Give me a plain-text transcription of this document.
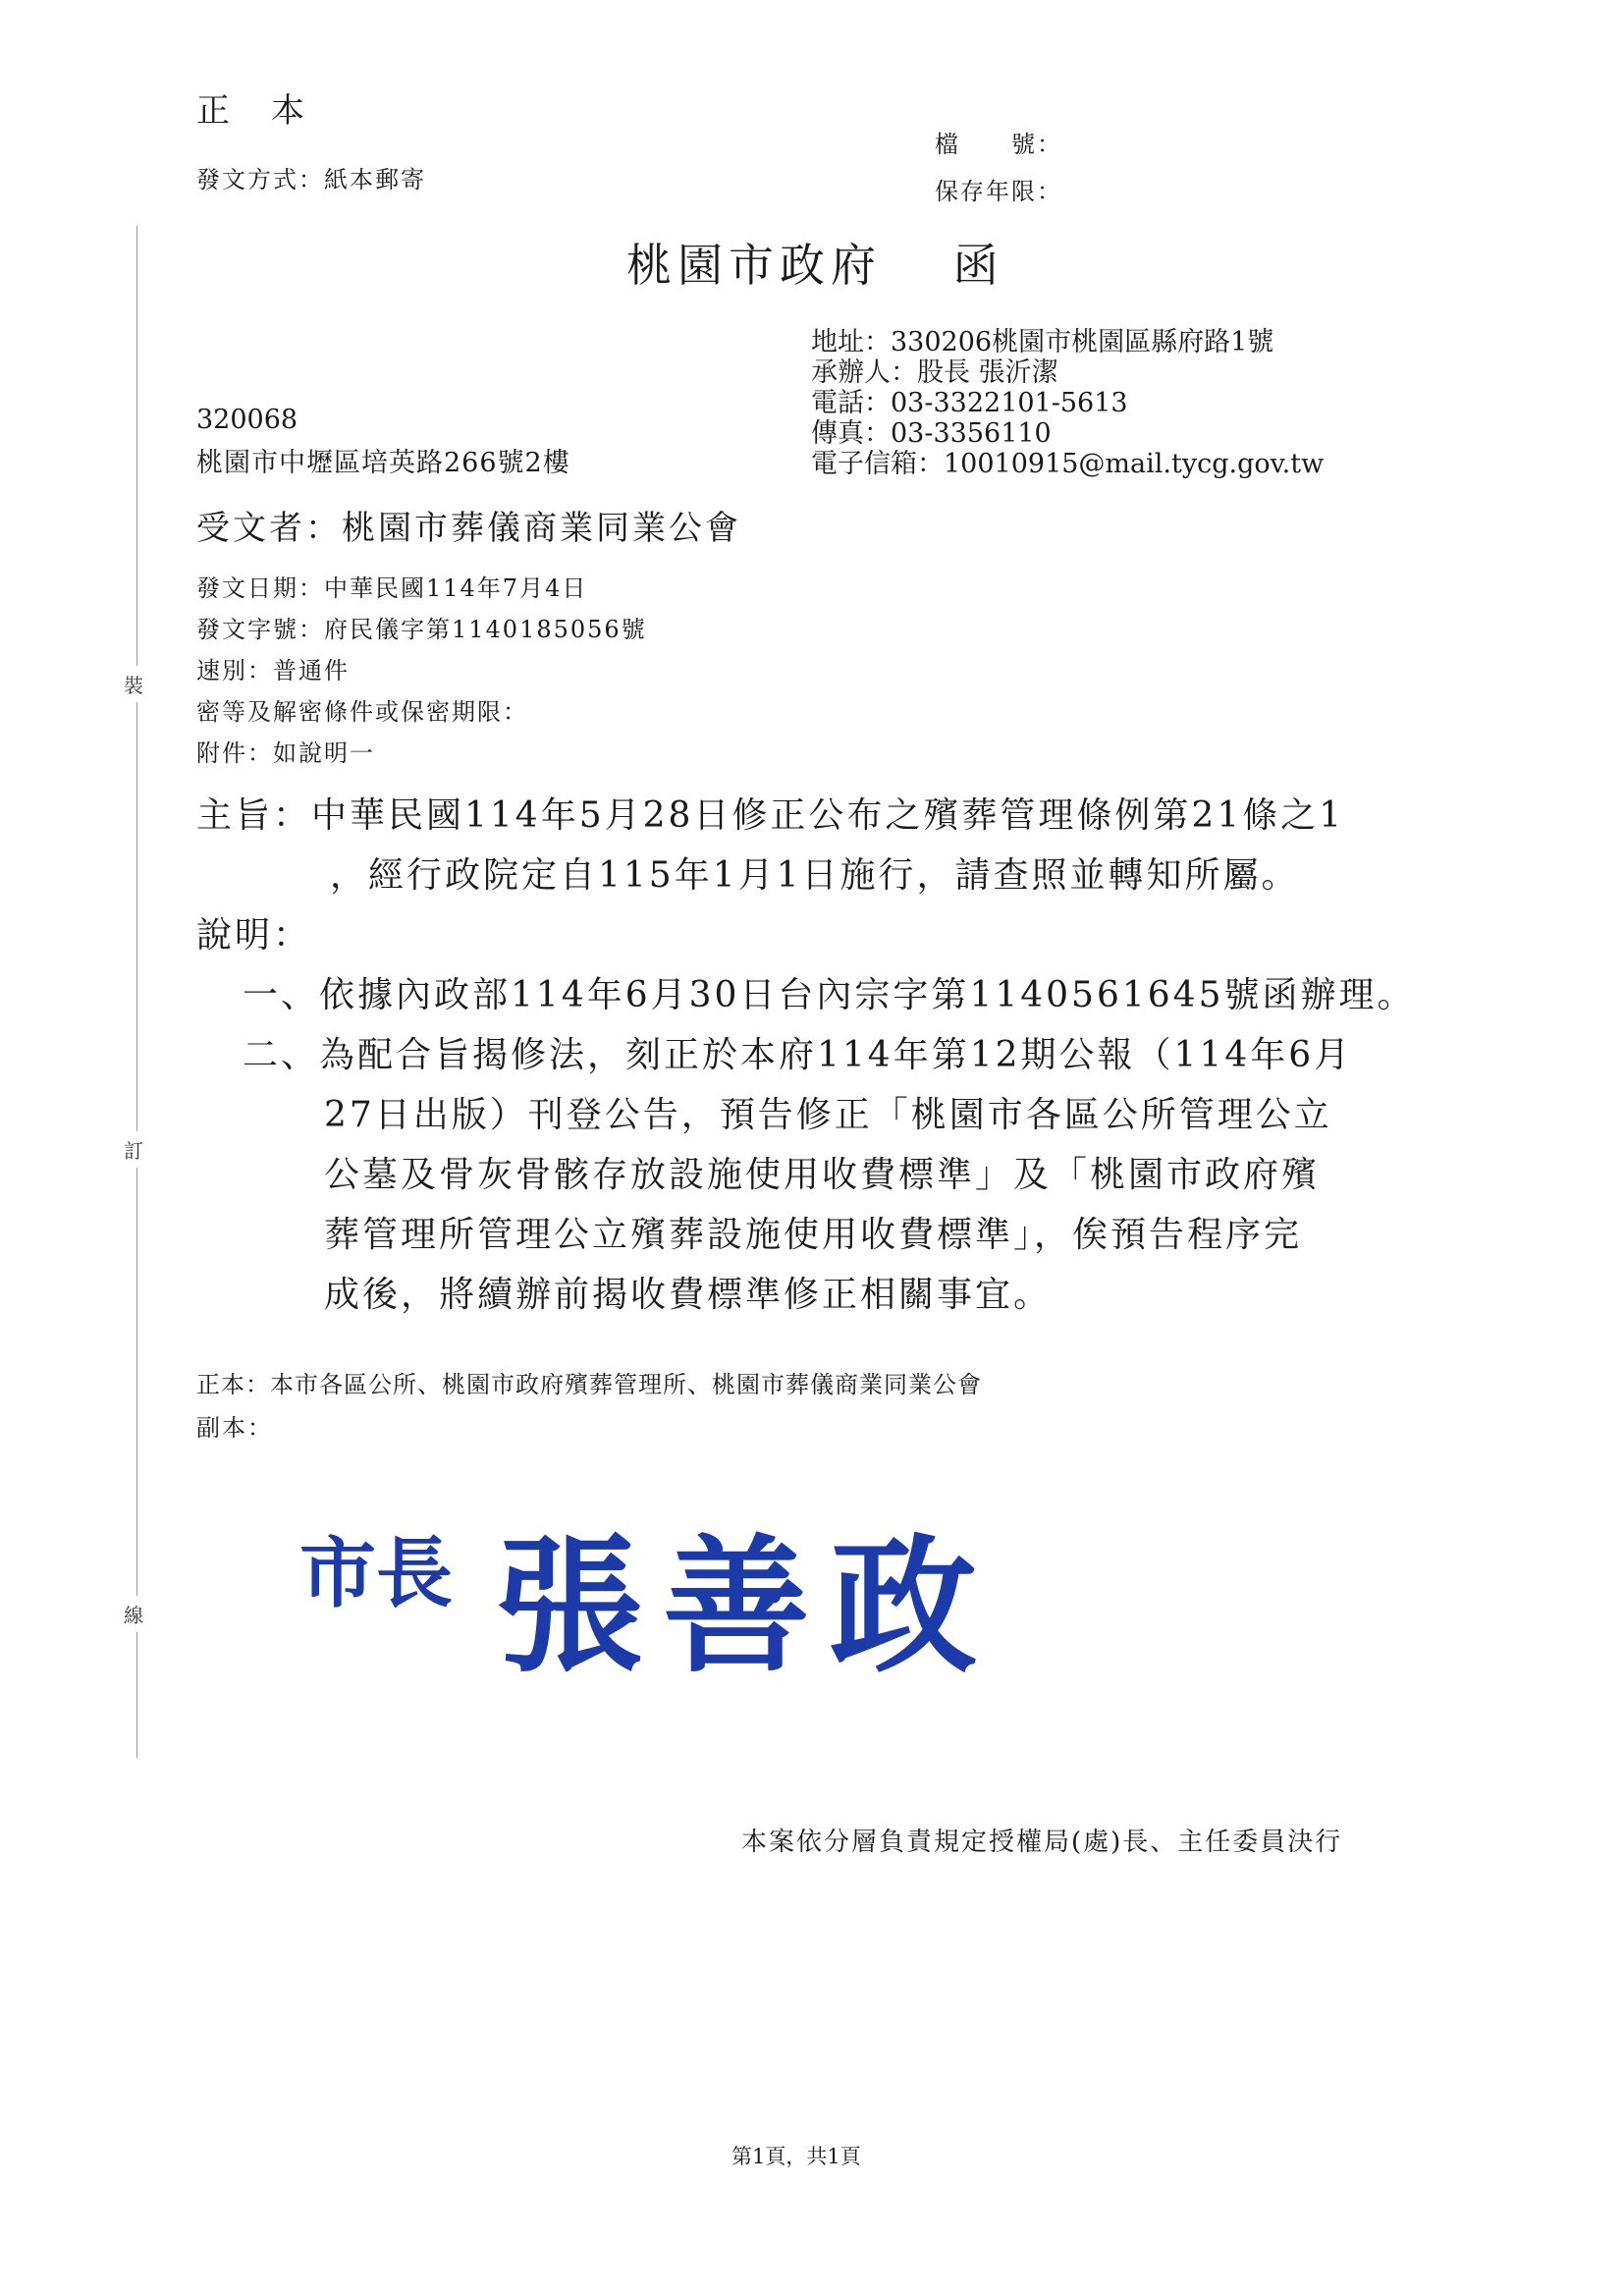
裝
訂
線
正　本
發文方式：紙本郵寄
檔　　號：
保存年限：
桃園市政府　 函
地址：330206桃園市桃園區縣府路1號
承辦人：股長 張沂潔
電話：03-3322101-5613
傳真：03-3356110
電子信箱：10010915@mail.tycg.gov.tw
320068
桃園市中壢區培英路266號2樓
受文者：桃園市葬儀商業同業公會
發文日期：中華民國114年7月4日
發文字號：府民儀字第1140185056號
速別：普通件
密等及解密條件或保密期限：
附件：如說明一
主旨：中華民國114年5月28日修正公布之殯葬管理條例第21條之1
，經行政院定自115年1月1日施行，請查照並轉知所屬。
說明：
一、依據內政部114年6月30日台內宗字第1140561645號函辦理。
二、為配合旨揭修法，刻正於本府114年第12期公報（114年6月
27日出版）刊登公告，預告修正「桃園市各區公所管理公立
公墓及骨灰骨骸存放設施使用收費標準」及「桃園市政府殯
葬管理所管理公立殯葬設施使用收費標準」，俟預告程序完
成後，將續辦前揭收費標準修正相關事宜。
正本：本市各區公所、桃園市政府殯葬管理所、桃園市葬儀商業同業公會
副本：
市長 張善政
本案依分層負責規定授權局(處)長、主任委員決行
第1頁，共1頁
